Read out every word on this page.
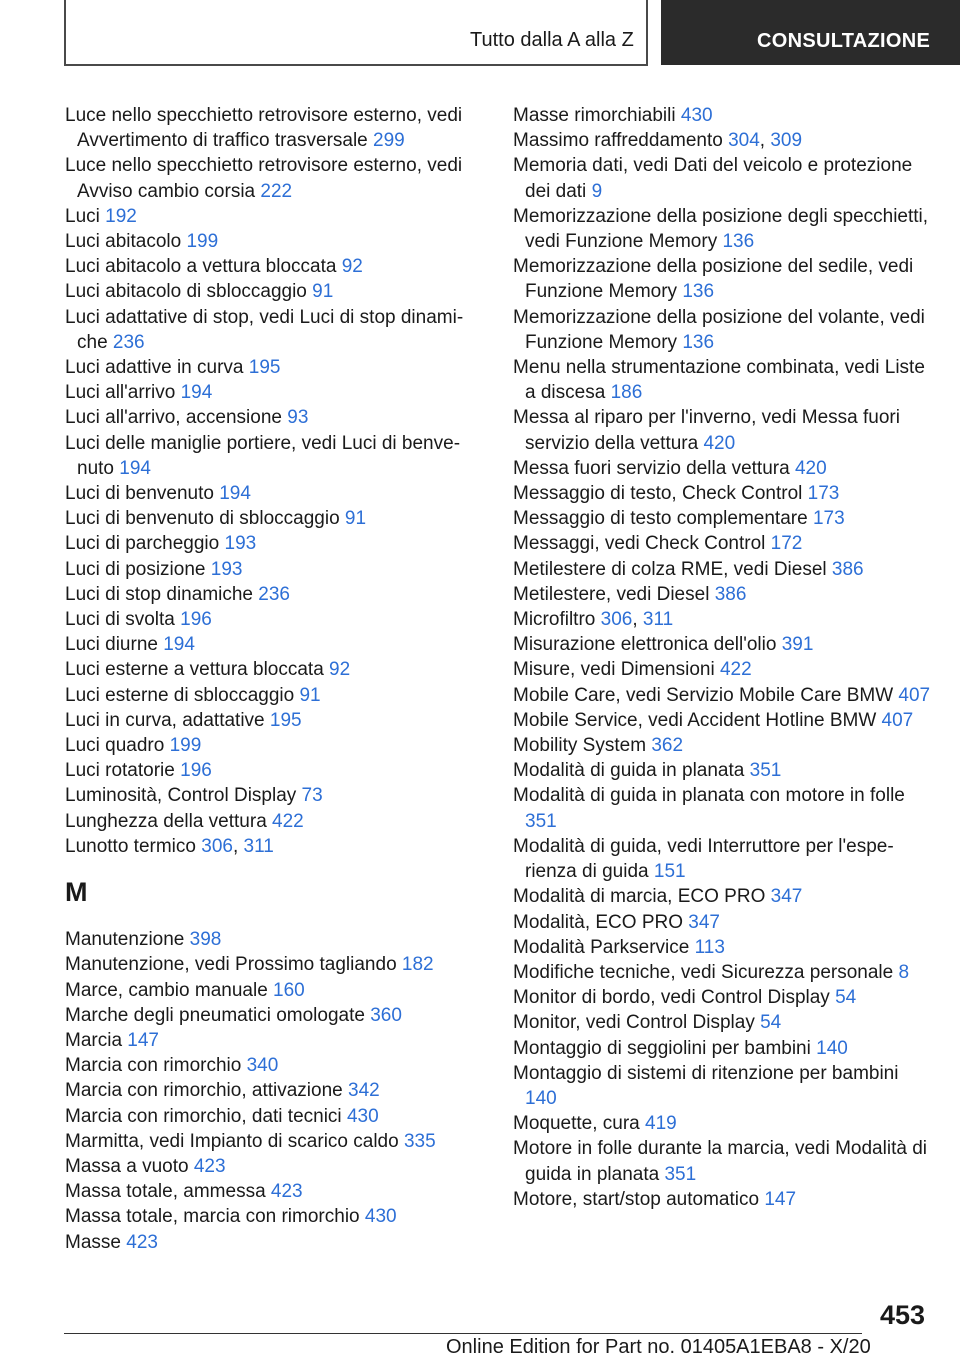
Tutto dalla A alla Z	CONSULTAZIONE
Luce nello specchietto retrovisore esterno, vedi Avvertimento di traffico trasversale 299
Luce nello specchietto retrovisore esterno, vedi Avviso cambio corsia 222
Luci 192
Luci abitacolo 199
Luci abitacolo a vettura bloccata 92
Luci abitacolo di sbloccaggio 91
Luci adattative di stop, vedi Luci di stop dinamiche 236
Luci adattive in curva 195
Luci all'arrivo 194
Luci all'arrivo, accensione 93
Luci delle maniglie portiere, vedi Luci di benvenuto 194
Luci di benvenuto 194
Luci di benvenuto di sbloccaggio 91
Luci di parcheggio 193
Luci di posizione 193
Luci di stop dinamiche 236
Luci di svolta 196
Luci diurne 194
Luci esterne a vettura bloccata 92
Luci esterne di sbloccaggio 91
Luci in curva, adattative 195
Luci quadro 199
Luci rotatorie 196
Luminosità, Control Display 73
Lunghezza della vettura 422
Lunotto termico 306, 311
M
Manutenzione 398
Manutenzione, vedi Prossimo tagliando 182
Marce, cambio manuale 160
Marche degli pneumatici omologate 360
Marcia 147
Marcia con rimorchio 340
Marcia con rimorchio, attivazione 342
Marcia con rimorchio, dati tecnici 430
Marmitta, vedi Impianto di scarico caldo 335
Massa a vuoto 423
Massa totale, ammessa 423
Massa totale, marcia con rimorchio 430
Masse 423
Masse rimorchiabili 430
Massimo raffreddamento 304, 309
Memoria dati, vedi Dati del veicolo e protezione dei dati 9
Memorizzazione della posizione degli specchietti, vedi Funzione Memory 136
Memorizzazione della posizione del sedile, vedi Funzione Memory 136
Memorizzazione della posizione del volante, vedi Funzione Memory 136
Menu nella strumentazione combinata, vedi Liste a discesa 186
Messa al riparo per l'inverno, vedi Messa fuori servizio della vettura 420
Messa fuori servizio della vettura 420
Messaggio di testo, Check Control 173
Messaggio di testo complementare 173
Messaggi, vedi Check Control 172
Metilestere di colza RME, vedi Diesel 386
Metilestere, vedi Diesel 386
Microfiltro 306, 311
Misurazione elettronica dell'olio 391
Misure, vedi Dimensioni 422
Mobile Care, vedi Servizio Mobile Care BMW 407
Mobile Service, vedi Accident Hotline BMW 407
Mobility System 362
Modalità di guida in planata 351
Modalità di guida in planata con motore in folle 351
Modalità di guida, vedi Interruttore per l'esperienza di guida 151
Modalità di marcia, ECO PRO 347
Modalità, ECO PRO 347
Modalità Parkservice 113
Modifiche tecniche, vedi Sicurezza personale 8
Monitor di bordo, vedi Control Display 54
Monitor, vedi Control Display 54
Montaggio di seggiolini per bambini 140
Montaggio di sistemi di ritenzione per bambini 140
Moquette, cura 419
Motore in folle durante la marcia, vedi Modalità di guida in planata 351
Motore, start/stop automatico 147
453
Online Edition for Part no. 01405A1EBA8 - X/20
